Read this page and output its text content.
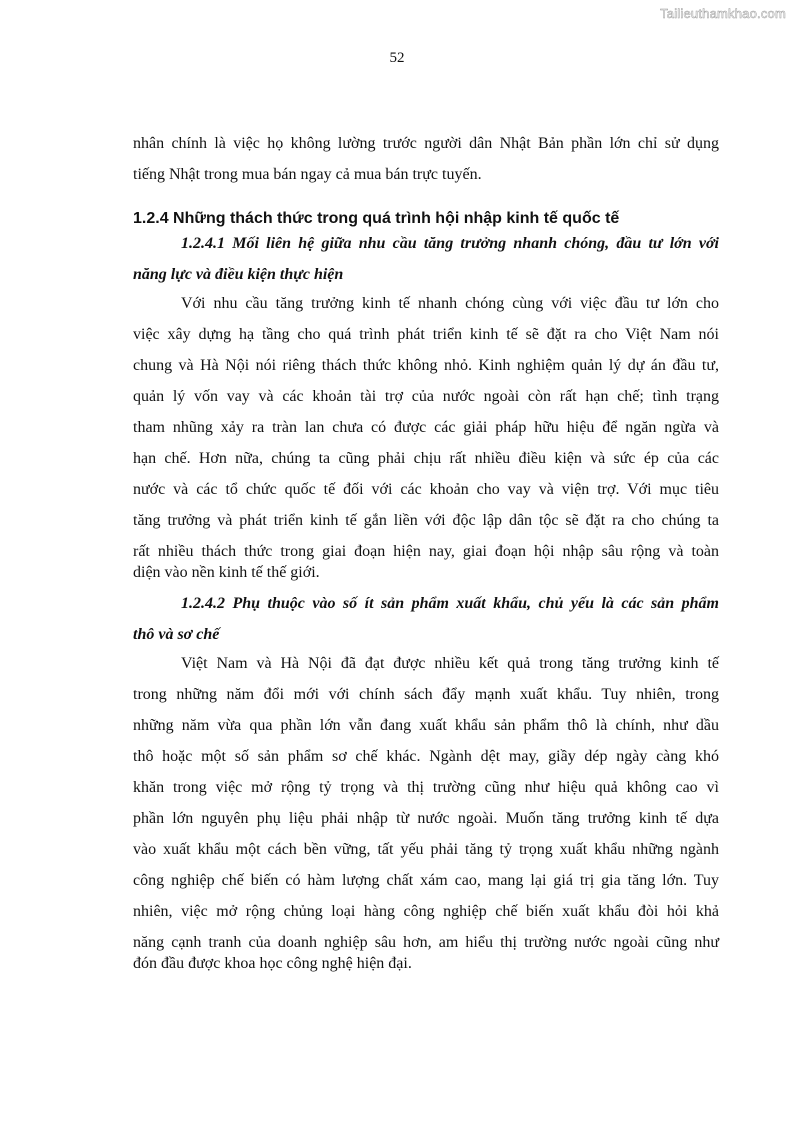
Tailieuthamkhao.com
52
nhân chính là việc họ không lường trước người dân Nhật Bản phần lớn chỉ sử dụng
tiếng Nhật trong mua bán ngay cả mua bán trực tuyến.
1.2.4 Những thách thức trong quá trình hội nhập kinh tế quốc tế
1.2.4.1 Mối liên hệ giữa nhu cầu tăng trưởng nhanh chóng, đầu tư lớn với
năng lực và điều kiện thực hiện
Với nhu cầu tăng trưởng kinh tế nhanh chóng cùng với việc đầu tư lớn cho
việc xây dựng hạ tầng cho quá trình phát triển kinh tế sẽ đặt ra cho Việt Nam nói
chung và Hà Nội nói riêng thách thức không nhỏ. Kinh nghiệm quản lý dự án đầu tư,
quản lý vốn vay và các khoản tài trợ của nước ngoài còn rất hạn chế; tình trạng
tham nhũng xảy ra tràn lan chưa có được các giải pháp hữu hiệu để ngăn ngừa và
hạn chế. Hơn nữa, chúng ta cũng phải chịu rất nhiều điều kiện và sức ép của các
nước và các tổ chức quốc tế đối với các khoản cho vay và viện trợ. Với mục tiêu
tăng trưởng và phát triển kinh tế gắn liền với độc lập dân tộc sẽ đặt ra cho chúng ta
rất nhiều thách thức trong giai đoạn hiện nay, giai đoạn hội nhập sâu rộng và toàn
diện vào nền kinh tế thế giới.
1.2.4.2 Phụ thuộc vào số ít sản phẩm xuất khẩu, chủ yếu là các sản phẩm
thô và sơ chế
Việt Nam và Hà Nội đã đạt được nhiều kết quả trong tăng trưởng kinh tế
trong những năm đổi mới với chính sách đẩy mạnh xuất khẩu. Tuy nhiên, trong
những năm vừa qua phần lớn vẫn đang xuất khẩu sản phẩm thô là chính, như dầu
thô hoặc một số sản phẩm sơ chế khác. Ngành dệt may, giầy dép ngày càng khó
khăn trong việc mở rộng tỷ trọng và thị trường cũng như hiệu quả không cao vì
phần lớn nguyên phụ liệu phải nhập từ nước ngoài. Muốn tăng trưởng kinh tế dựa
vào xuất khẩu một cách bền vững, tất yếu phải tăng tỷ trọng xuất khẩu những ngành
công nghiệp chế biến có hàm lượng chất xám cao, mang lại giá trị gia tăng lớn. Tuy
nhiên, việc mở rộng chủng loại hàng công nghiệp chế biến xuất khẩu đòi hỏi khả
năng cạnh tranh của doanh nghiệp sâu hơn, am hiểu thị trường nước ngoài cũng như
đón đầu được khoa học công nghệ hiện đại.
